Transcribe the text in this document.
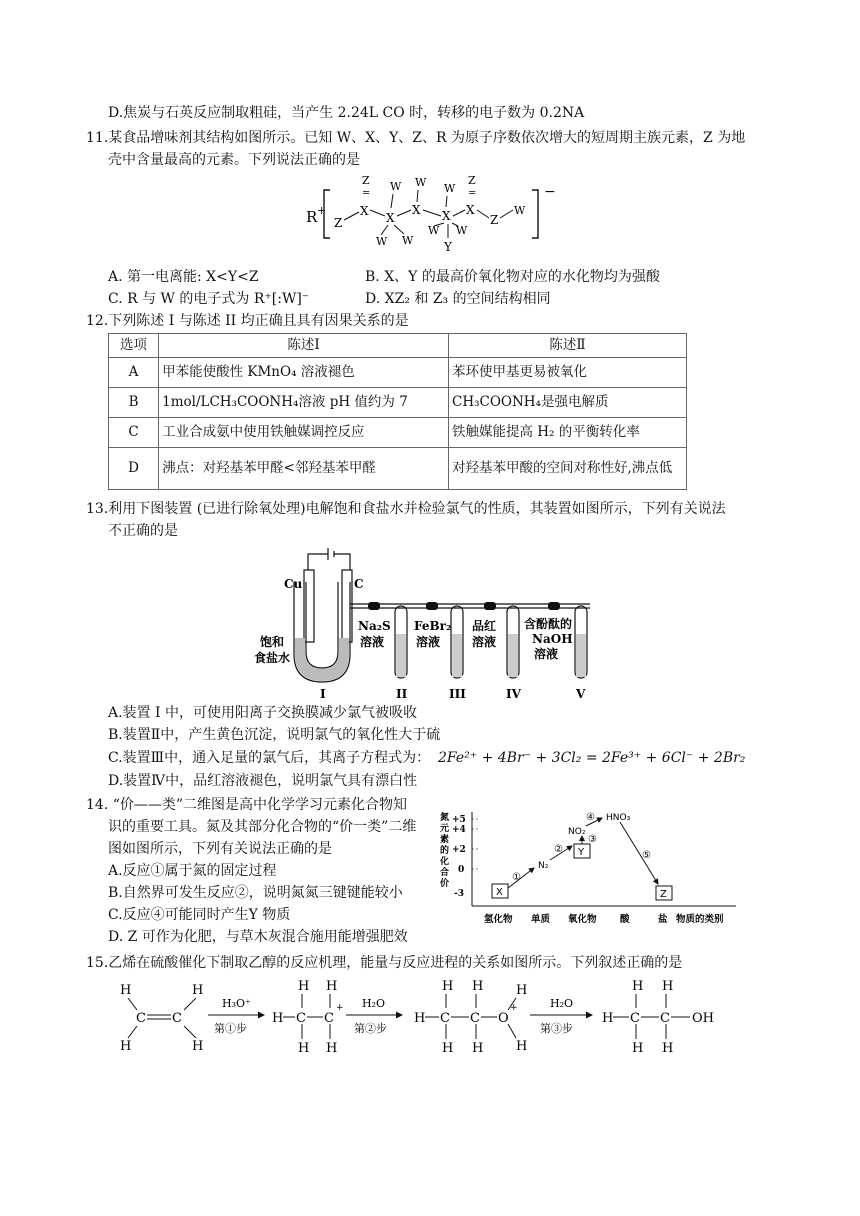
D.焦炭与石英反应制取粗硅，当产生 2.24L CO 时，转移的电子数为 0.2NA
11.某食品增味剂其结构如图所示。已知 W、X、Y、Z、R 为原子序数依次增大的短周期主族元素，Z 为地
壳中含量最高的元素。下列说法正确的是
R +
−
Z
X
Z
=
W
X
W W
W
X
W
X
W W
Y
Z
=
X
Z
W
A. 第一电离能: X<Y<Z	B. X、Y 的最高价氧化物对应的水化物均为强酸
C. R 与 W 的电子式为 R⁺[:W]⁻	D. XZ₂ 和 Z₃ 的空间结构相同
12.下列陈述 I 与陈述 II 均正确且具有因果关系的是
选项	陈述Ⅰ	陈述Ⅱ
A	甲苯能使酸性 KMnO₄ 溶液褪色	苯环使甲基更易被氧化
B	1mol/LCH₃COONH₄溶液 pH 值约为 7	CH₃COONH₄是强电解质
C	工业合成氨中使用铁触媒调控反应	铁触媒能提高 H₂ 的平衡转化率
D	沸点：对羟基苯甲醛<邻羟基苯甲醛	对羟基苯甲酸的空间对称性好,沸点低
13.利用下图装置 (已进行除氧处理)电解饱和食盐水并检验氯气的性质，其装置如图所示，下列有关说法
不正确的是
Cu	C
饱和
食盐水
Na₂S
溶液
FeBr₂
溶液
品红
溶液
含酚酞的
NaOH
溶液
I	II	III	IV	V
A.装置 I 中，可使用阳离子交换膜减少氯气被吸收
B.装置Ⅱ中，产生黄色沉淀，说明氯气的氧化性大于硫
C.装置Ⅲ中，通入足量的氯气后，其离子方程式为： 2Fe²⁺ + 4Br⁻ + 3Cl₂ = 2Fe³⁺ + 6Cl⁻ + 2Br₂
D.装置Ⅳ中，品红溶液褪色，说明氯气具有漂白性
14. “价——类”二维图是高中化学学习元素化合物知
识的重要工具。氮及其部分化合物的“价一类”二维
图如图所示，下列有关说法正确的是
A.反应①属于氮的固定过程
B.自然界可发生反应②，说明氮氮三键键能较小
C.反应④可能同时产生Y 物质
D. Z 可作为化肥，与草木灰混合施用能增强肥效
氮
元
素
的
化
合
价
+5
+4
+2
0
-3
氢化物 单质 氧化物 酸	盐 物质的类别
X
N₂
NO₂
Y
HNO₃
Z
①
②
③
④
⑤
15.乙烯在硫酸催化下制取乙醇的反应机理，能量与反应进程的关系如图所示。下列叙述正确的是
H	H
C C
H	H
H H
H C C
H H
H H	H
H C C O
H H	H
H
H H
C C
H H
OH
+	+
H₃O⁺
第①步
H₂O
第②步
H₂O
第③步
